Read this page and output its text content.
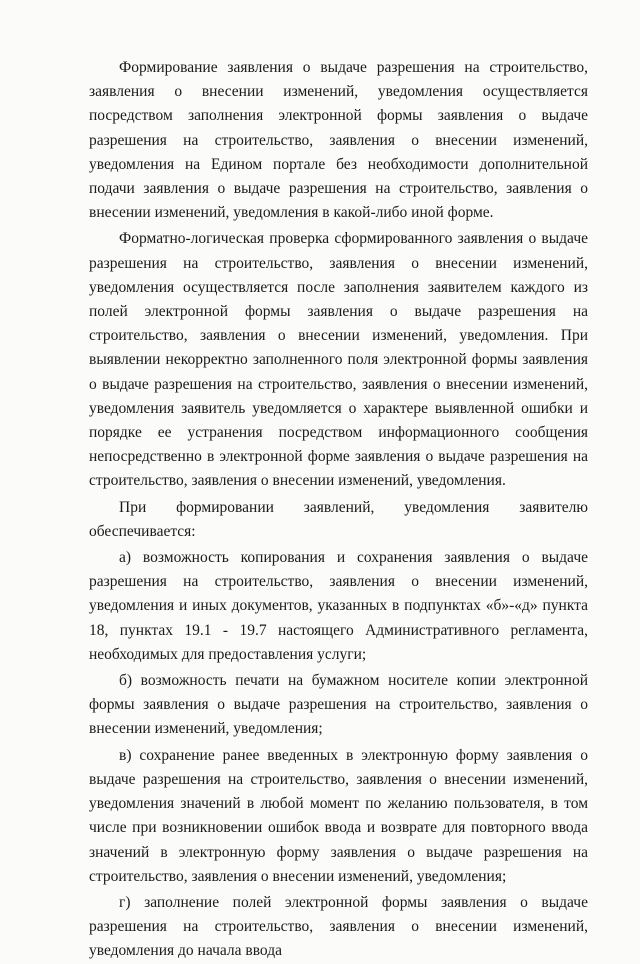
Формирование заявления о выдаче разрешения на строительство, заявления о внесении изменений, уведомления осуществляется посредством заполнения электронной формы заявления о выдаче разрешения на строительство, заявления о внесении изменений, уведомления на Едином портале без необходимости дополнительной подачи заявления о выдаче разрешения на строительство, заявления о внесении изменений, уведомления в какой-либо иной форме.

Форматно-логическая проверка сформированного заявления о выдаче разрешения на строительство, заявления о внесении изменений, уведомления осуществляется после заполнения заявителем каждого из полей электронной формы заявления о выдаче разрешения на строительство, заявления о внесении изменений, уведомления. При выявлении некорректно заполненного поля электронной формы заявления о выдаче разрешения на строительство, заявления о внесении изменений, уведомления заявитель уведомляется о характере выявленной ошибки и порядке ее устранения посредством информационного сообщения непосредственно в электронной форме заявления о выдаче разрешения на строительство, заявления о внесении изменений, уведомления.

При формировании заявлений, уведомления заявителю обеспечивается:

а) возможность копирования и сохранения заявления о выдаче разрешения на строительство, заявления о внесении изменений, уведомления и иных документов, указанных в подпунктах «б»-«д» пункта 18, пунктах 19.1 - 19.7 настоящего Административного регламента, необходимых для предоставления услуги;

б) возможность печати на бумажном носителе копии электронной формы заявления о выдаче разрешения на строительство, заявления о внесении изменений, уведомления;

в) сохранение ранее введенных в электронную форму заявления о выдаче разрешения на строительство, заявления о внесении изменений, уведомления значений в любой момент по желанию пользователя, в том числе при возникновении ошибок ввода и возврате для повторного ввода значений в электронную форму заявления о выдаче разрешения на строительство, заявления о внесении изменений, уведомления;

г) заполнение полей электронной формы заявления о выдаче разрешения на строительство, заявления о внесении изменений, уведомления до начала ввода
